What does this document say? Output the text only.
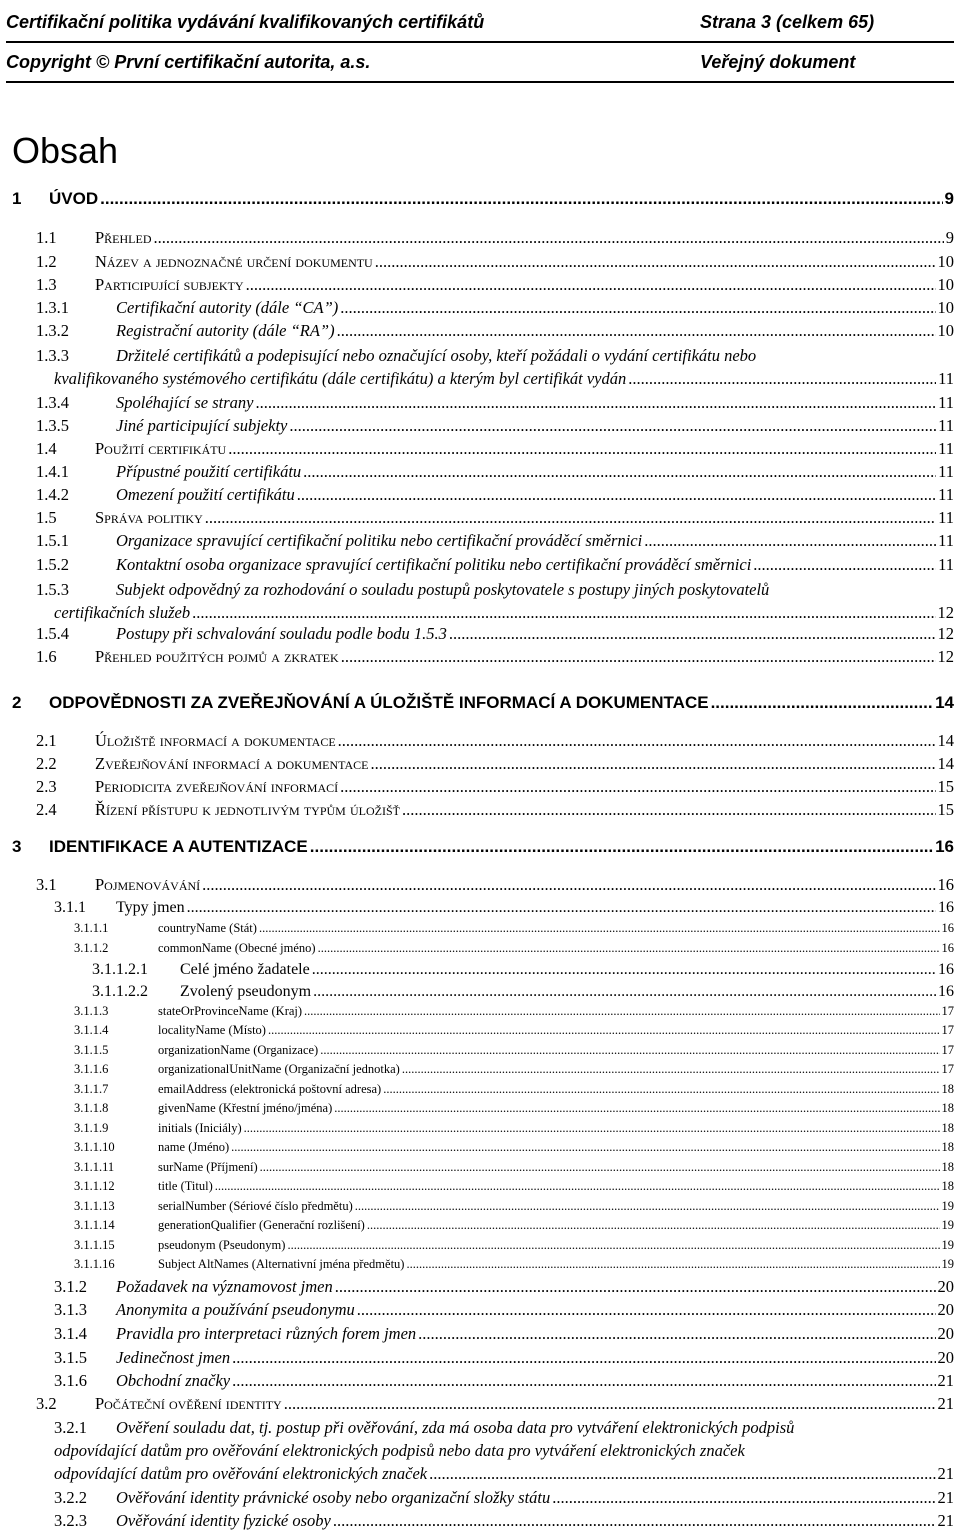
Certifikační politika vydávání kvalifikovaných certifikátů	Strana 3 (celkem 65)
Copyright © První certifikační autorita, a.s.	Veřejný dokument
Obsah
1	ÚVOD .....	9
1.1	Přehled .....	9
1.2	Název a jednoznačné určení dokumentu .....	10
1.3	Participující subjekty .....	10
1.3.1	Certifikační autority (dále “CA”) .....	10
1.3.2	Registrační autority (dále “RA”) .....	10
1.3.3	Držitelé certifikátů a podepisující nebo označující osoby, kteří požádali o vydání certifikátu nebo
kvalifikovaného systémového certifikátu (dále certifikátu) a kterým byl certifikát vydán .....	11
1.3.4	Spoléhající se strany .....	11
1.3.5	Jiné participující subjekty .....	11
1.4	Použití certifikátu .....	11
1.4.1	Přípustné použití certifikátu .....	11
1.4.2	Omezení použití certifikátu .....	11
1.5	Správa politiky .....	11
1.5.1	Organizace spravující certifikační politiku nebo certifikační prováděcí směrnici .....	11
1.5.2	Kontaktní osoba organizace spravující certifikační politiku nebo certifikační prováděcí směrnici .....	11
1.5.3	Subjekt odpovědný za rozhodování o souladu postupů poskytovatele s postupy jiných poskytovatelů
certifikačních služeb .....	12
1.5.4	Postupy při schvalování souladu podle bodu 1.5.3 .....	12
1.6	Přehled použitých pojmů a zkratek .....	12
2	ODPOVĚDNOSTI ZA ZVEŘEJŇOVÁNÍ A ÚLOŽIŠTĚ INFORMACÍ A DOKUMENTACE .....	14
2.1	Úložiště informací a dokumentace .....	14
2.2	Zveřejňování informací a dokumentace .....	14
2.3	Periodicita zveřejňování informací .....	15
2.4	Řízení přístupu k jednotlivým typům úložišť .....	15
3	IDENTIFIKACE A AUTENTIZACE .....	16
3.1	Pojmenovávání .....	16
3.1.1	Typy jmen .....	16
3.1.1.1	countryName (Stát) .....	16
3.1.1.2	commonName (Obecné jméno) .....	16
3.1.1.2.1	Celé jméno žadatele .....	16
3.1.1.2.2	Zvolený pseudonym .....	16
3.1.1.3	stateOrProvinceName (Kraj) .....	17
3.1.1.4	localityName (Místo) .....	17
3.1.1.5	organizationName (Organizace) .....	17
3.1.1.6	organizationalUnitName (Organizační jednotka) .....	17
3.1.1.7	emailAddress (elektronická poštovní adresa) .....	18
3.1.1.8	givenName (Křestní jméno/jména) .....	18
3.1.1.9	initials (Iniciály) .....	18
3.1.1.10	name (Jméno) .....	18
3.1.1.11	surName (Příjmení) .....	18
3.1.1.12	title (Titul) .....	18
3.1.1.13	serialNumber (Sériové číslo předmětu) .....	19
3.1.1.14	generationQualifier (Generační rozlišení) .....	19
3.1.1.15	pseudonym (Pseudonym) .....	19
3.1.1.16	Subject AltNames (Alternativní jména předmětu) .....	19
3.1.2	Požadavek na významovost jmen .....	20
3.1.3	Anonymita a používání pseudonymu .....	20
3.1.4	Pravidla pro interpretaci různých forem jmen .....	20
3.1.5	Jedinečnost jmen .....	20
3.1.6	Obchodní značky .....	21
3.2	Počáteční ověření identity .....	21
3.2.1	Ověření souladu dat, tj. postup při ověřování, zda má osoba data pro vytváření elektronických podpisů
odpovídající datům pro ověřování elektronických podpisů nebo data pro vytváření elektronických značek
odpovídající datům pro ověřování elektronických značek .....	21
3.2.2	Ověřování identity právnické osoby nebo organizační složky státu .....	21
3.2.3	Ověřování identity fyzické osoby .....	21
